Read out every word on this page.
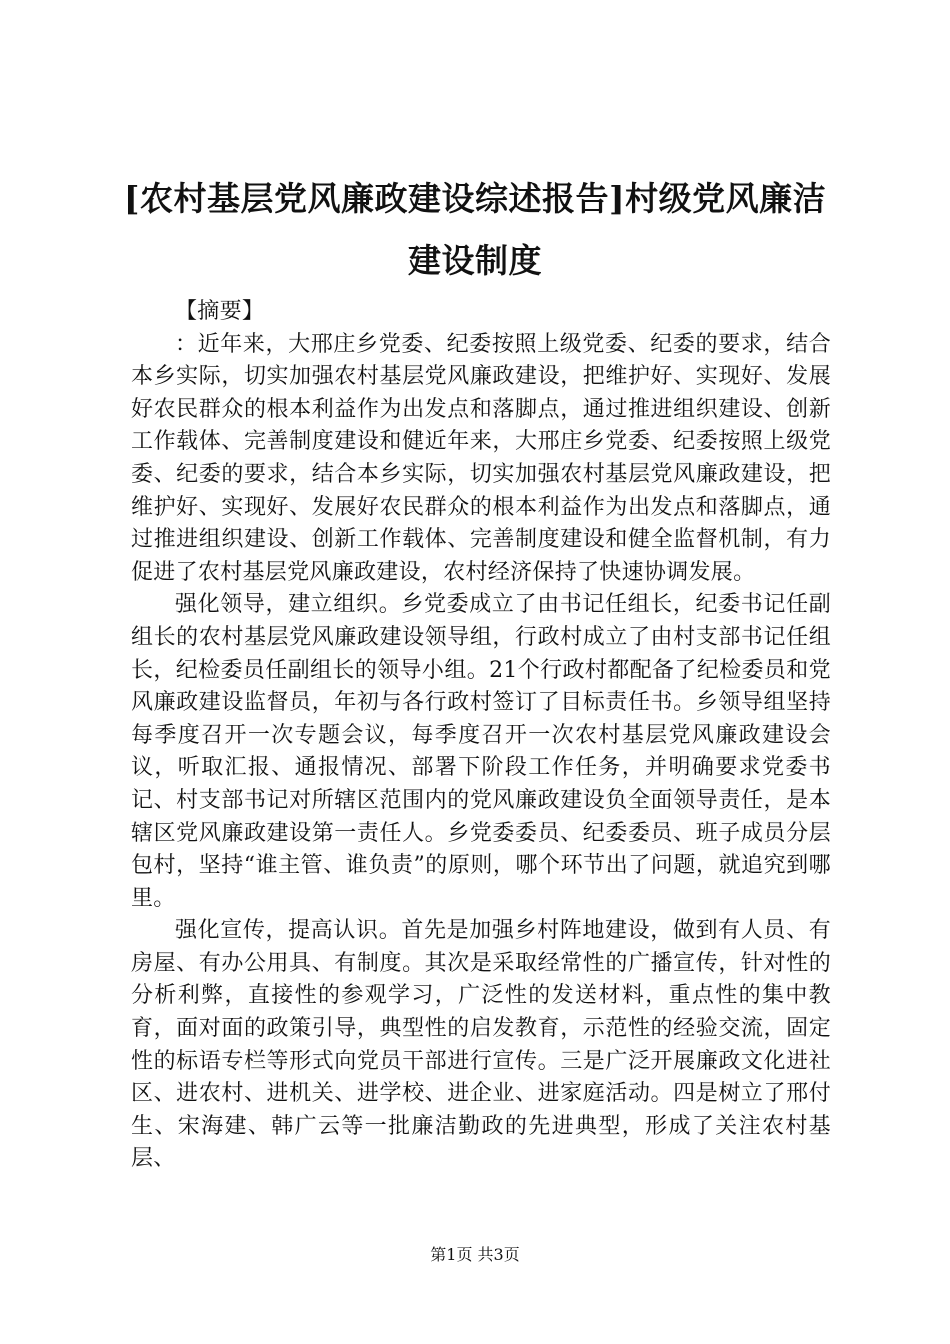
[农村基层党风廉政建设综述报告]村级党风廉洁建设制度

【摘要】

：近年来，大邢庄乡党委、纪委按照上级党委、纪委的要求，结合本乡实际，切实加强农村基层党风廉政建设，把维护好、实现好、发展好农民群众的根本利益作为出发点和落脚点，通过推进组织建设、创新工作载体、完善制度建设和健近年来，大邢庄乡党委、纪委按照上级党委、纪委的要求，结合本乡实际，切实加强农村基层党风廉政建设，把维护好、实现好、发展好农民群众的根本利益作为出发点和落脚点，通过推进组织建设、创新工作载体、完善制度建设和健全监督机制，有力促进了农村基层党风廉政建设，农村经济保持了快速协调发展。

强化领导，建立组织。乡党委成立了由书记任组长，纪委书记任副组长的农村基层党风廉政建设领导组，行政村成立了由村支部书记任组长，纪检委员任副组长的领导小组。21个行政村都配备了纪检委员和党风廉政建设监督员，年初与各行政村签订了目标责任书。乡领导组坚持每季度召开一次专题会议，每季度召开一次农村基层党风廉政建设会议，听取汇报、通报情况、部署下阶段工作任务，并明确要求党委书记、村支部书记对所辖区范围内的党风廉政建设负全面领导责任，是本辖区党风廉政建设第一责任人。乡党委委员、纪委委员、班子成员分层包村，坚持“谁主管、谁负责”的原则，哪个环节出了问题，就追究到哪里。

强化宣传，提高认识。首先是加强乡村阵地建设，做到有人员、有房屋、有办公用具、有制度。其次是采取经常性的广播宣传，针对性的分析利弊，直接性的参观学习，广泛性的发送材料，重点性的集中教育，面对面的政策引导，典型性的启发教育，示范性的经验交流，固定性的标语专栏等形式向党员干部进行宣传。三是广泛开展廉政文化进社区、进农村、进机关、进学校、进企业、进家庭活动。四是树立了邢付生、宋海建、韩广云等一批廉洁勤政的先进典型，形成了关注农村基层、

第1页 共3页
